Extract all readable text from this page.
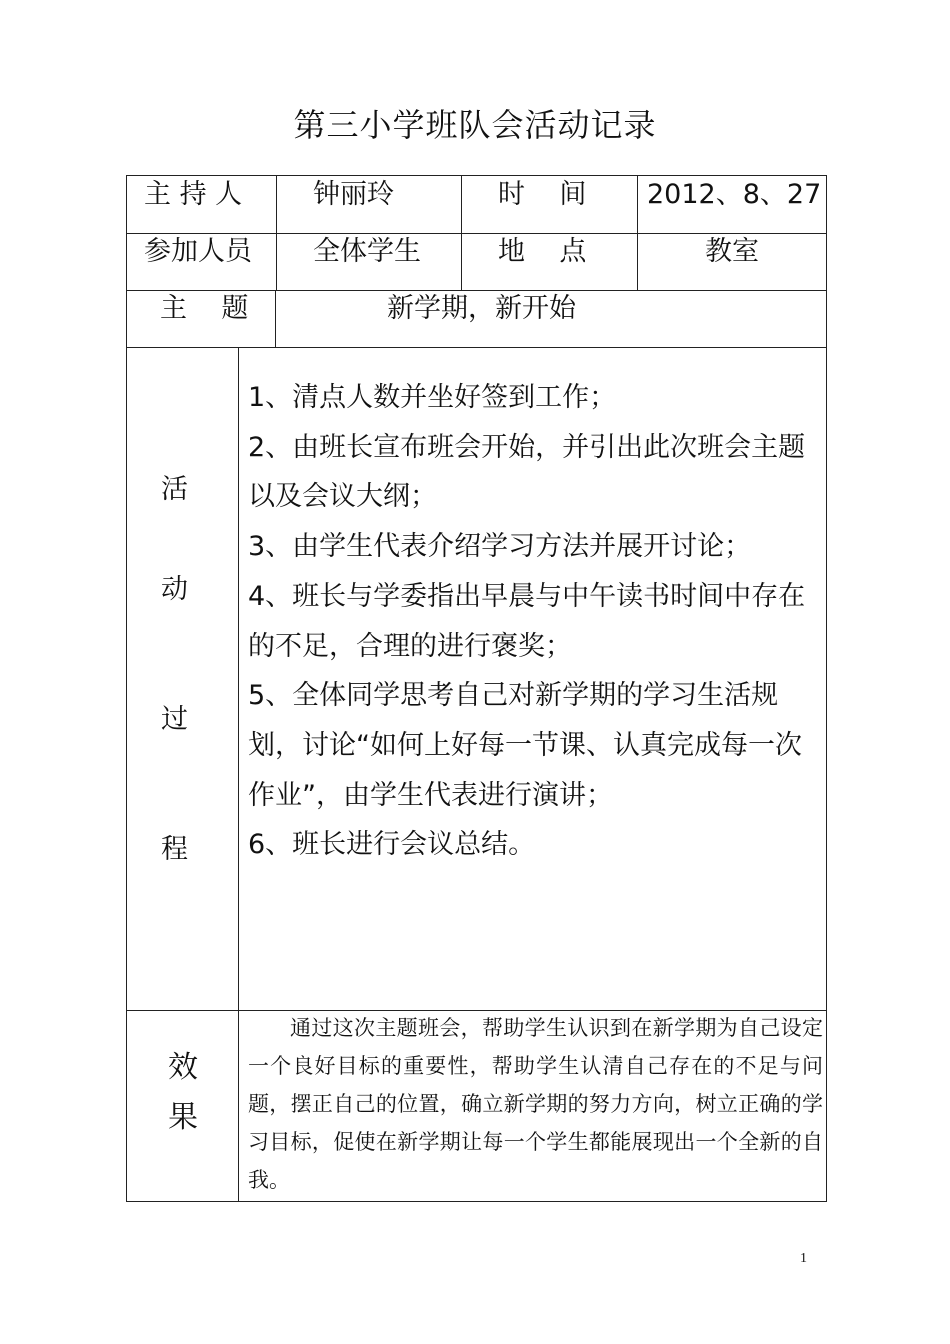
第三小学班队会活动记录
主 持 人	钟丽玲	时    间 2012、8、27
参加人员 全体学生	地    点	教室
主    题	新学期，新开始
活
动
过
程
1、清点人数并坐好签到工作；
2、由班长宣布班会开始，并引出此次班会主题以及会议大纲；
3、由学生代表介绍学习方法并展开讨论；
4、班长与学委指出早晨与中午读书时间中存在的不足，合理的进行褒奖；
5、全体同学思考自己对新学期的学习生活规划，讨论“如何上好每一节课、认真完成每一次作业”，由学生代表进行演讲；
6、班长进行会议总结。
效
果
通过这次主题班会，帮助学生认识到在新学期为自己设定一个良好目标的重要性，帮助学生认清自己存在的不足与问题，摆正自己的位置，确立新学期的努力方向，树立正确的学习目标，促使在新学期让每一个学生都能展现出一个全新的自我。
1
